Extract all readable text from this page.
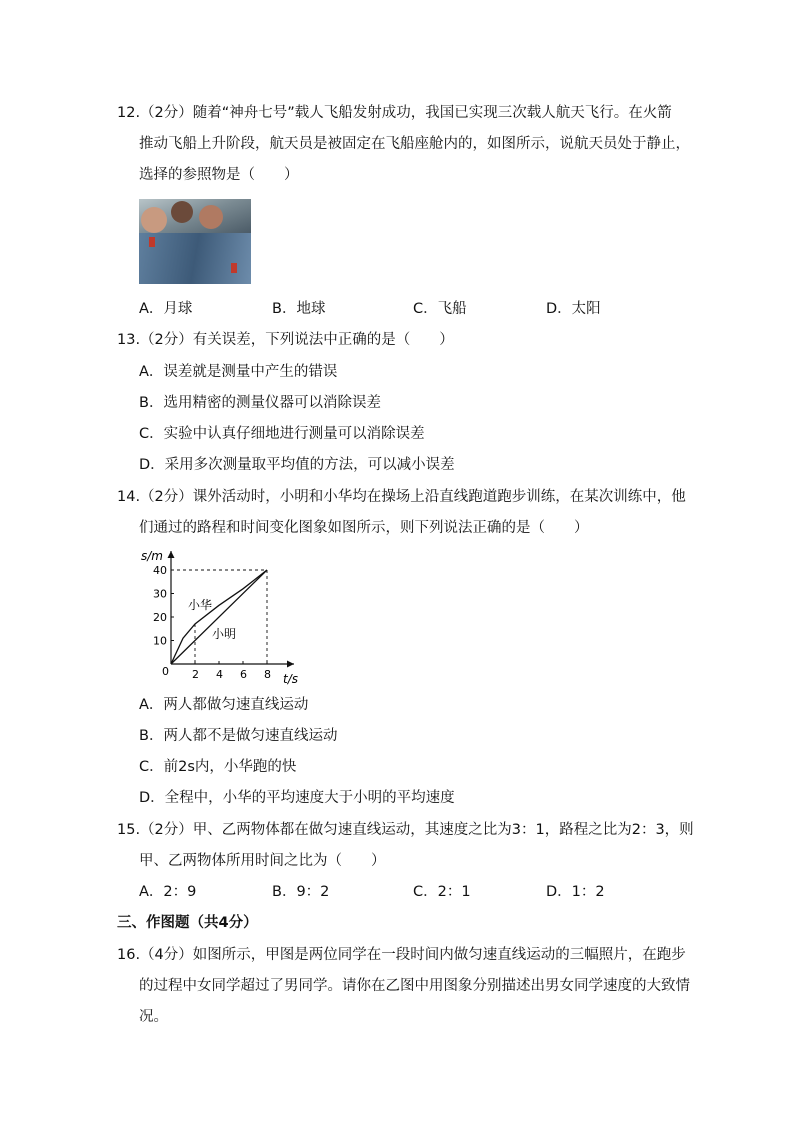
12.（2分）随着“神舟七号”载人飞船发射成功，我国已实现三次载人航天飞行。在火箭
推动飞船上升阶段，航天员是被固定在飞船座舱内的，如图所示，说航天员处于静止，
选择的参照物是（　　）
A．月球	B．地球	C．飞船	D．太阳
13.（2分）有关误差，下列说法中正确的是（　　）
A．误差就是测量中产生的错误
B．选用精密的测量仪器可以消除误差
C．实验中认真仔细地进行测量可以消除误差
D．采用多次测量取平均值的方法，可以减小误差
14.（2分）课外活动时，小明和小华均在操场上沿直线跑道跑步训练，在某次训练中，他
们通过的路程和时间变化图象如图所示，则下列说法正确的是（　　）
s/m
t/s
0
10
20
30
40
2 4 6 8
小华
小明
A．两人都做匀速直线运动
B．两人都不是做匀速直线运动
C．前2s内，小华跑的快
D．全程中，小华的平均速度大于小明的平均速度
15.（2分）甲、乙两物体都在做匀速直线运动，其速度之比为3：1，路程之比为2：3，则
甲、乙两物体所用时间之比为（　　）
A．2：9	B．9：2	C．2：1	D．1：2
三、作图题（共4分）
16.（4分）如图所示，甲图是两位同学在一段时间内做匀速直线运动的三幅照片，在跑步
的过程中女同学超过了男同学。请你在乙图中用图象分别描述出男女同学速度的大致情
况。
